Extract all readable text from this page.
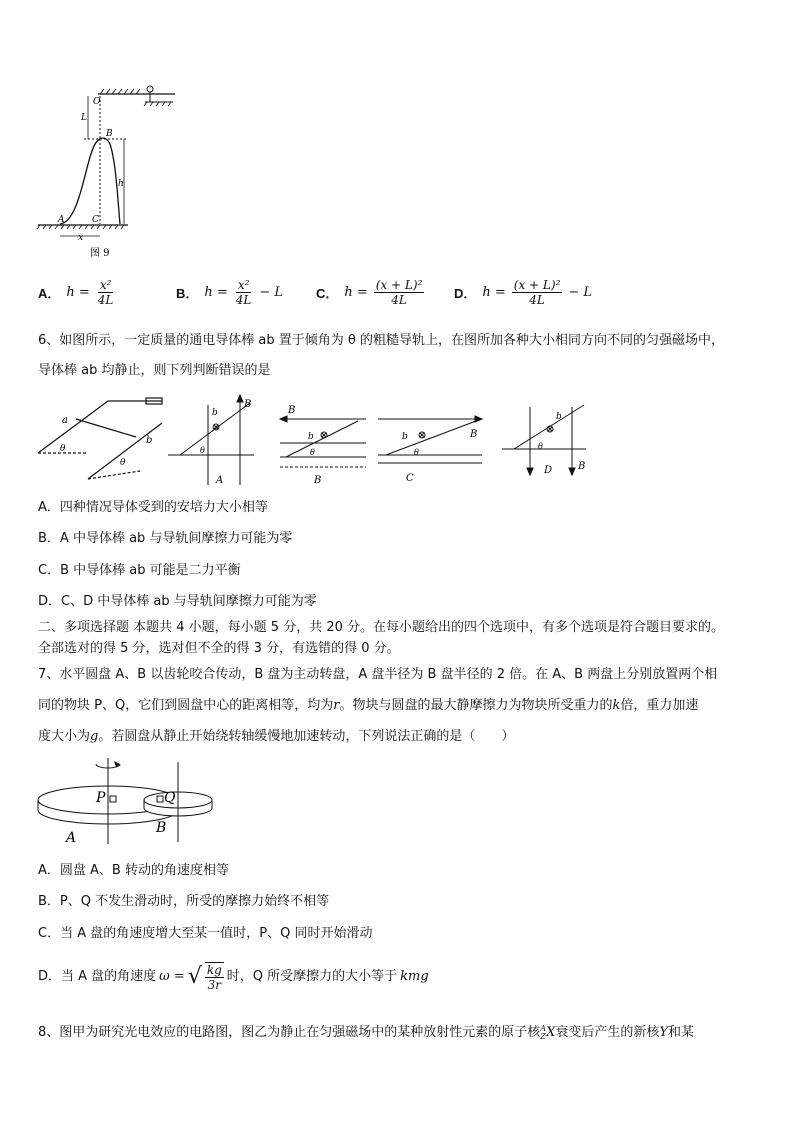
O
L
B
h
A	C
x
图 9
A． $h = \frac{\text{x²}}{4L}$	B． $h = \frac{\text{x²}}{4L} - L$	C． $h = \frac{\text{(x + L)²}}{4L}$ D． $h = \frac{\text{(x + L)²}}{4L} - L$
6、如图所示，一定质量的通电导体棒 ab 置于倾角为 θ 的粗糙导轨上，在图所加各种大小相同方向不同的匀强磁场中，
导体棒 ab 均静止，则下列判断错误的是
a
b
θ
θ
b
B
θ
A
B
b
θ
B
b	B
θ
C
b
θ
D	B
A．四种情况导体受到的安培力大小相等
B．A 中导体棒 ab 与导轨间摩擦力可能为零
C．B 中导体棒 ab 可能是二力平衡
D．C、D 中导体棒 ab 与导轨间摩擦力可能为零
二、多项选择题 本题共 4 小题，每小题 5 分，共 20 分。在每小题给出的四个选项中，有多个选项是符合题目要求的。
全部选对的得 5 分，选对但不全的得 3 分，有选错的得 0 分。
7、水平圆盘 A、B 以齿轮咬合传动，B 盘为主动转盘，A 盘半径为 B 盘半径的 2 倍。在 A、B 两盘上分别放置两个相
同的物块 P、Q，它们到圆盘中心的距离相等，均为r。物块与圆盘的最大静摩擦力为物块所受重力的k倍，重力加速
度大小为g。若圆盘从静止开始绕转轴缓慢地加速转动，下列说法正确的是（　　）
P	Q
A
B
A．圆盘 A、B 转动的角速度相等
B．P、Q 不发生滑动时，所受的摩擦力始终不相等
C．当 A 盘的角速度增大至某一值时，P、Q 同时开始滑动
D．当 A 盘的角速度 ω = √ $\frac{kg}{3r}$ 时，Q 所受摩擦力的大小等于 kmg
8、图甲为研究光电效应的电路图，图乙为静止在匀强磁场中的某种放射性元素的原子核 A
Z X衰变后产生的新核Y和某
